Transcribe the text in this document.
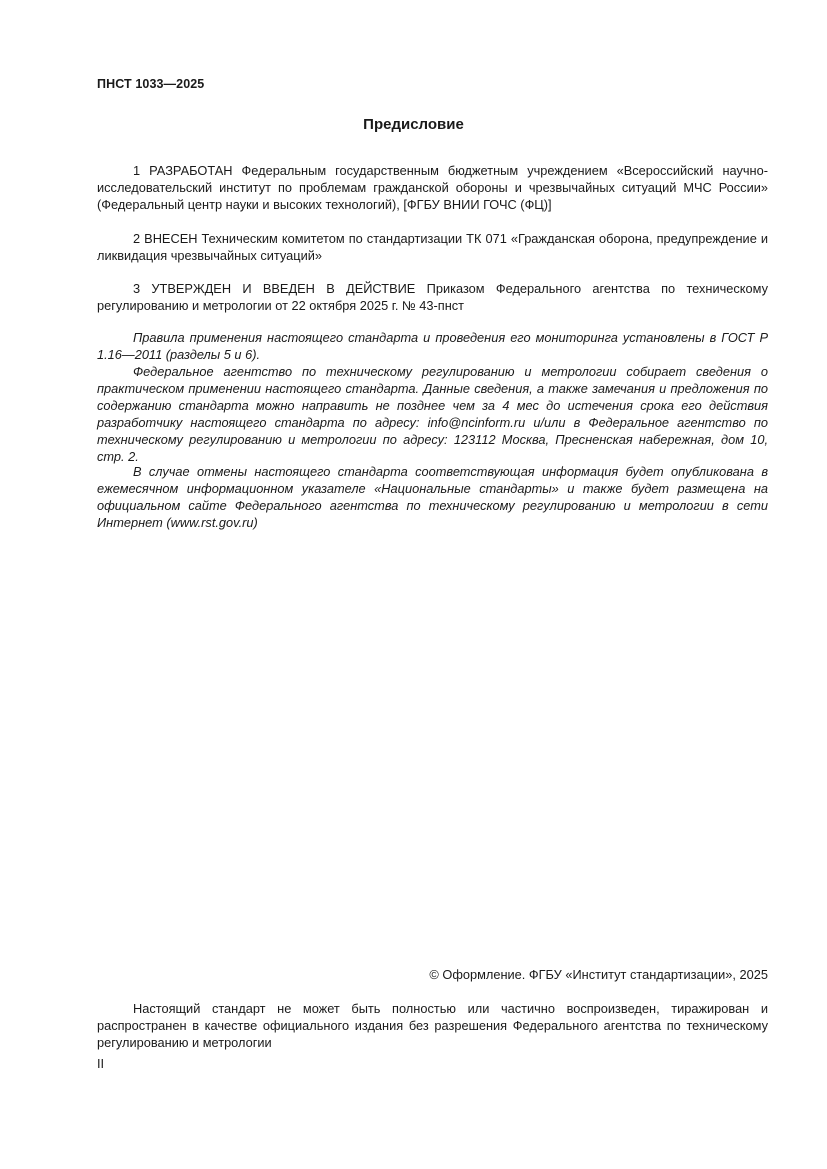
ПНСТ 1033—2025
Предисловие

1 РАЗРАБОТАН Федеральным государственным бюджетным учреждением «Всероссийский научно-исследовательский институт по проблемам гражданской обороны и чрезвычайных ситуаций МЧС России» (Федеральный центр науки и высоких технологий), [ФГБУ ВНИИ ГОЧС (ФЦ)]

2 ВНЕСЕН Техническим комитетом по стандартизации ТК 071 «Гражданская оборона, предупреждение и ликвидация чрезвычайных ситуаций»

3 УТВЕРЖДЕН И ВВЕДЕН В ДЕЙСТВИЕ Приказом Федерального агентства по техническому регулированию и метрологии от 22 октября 2025 г. № 43-пнст

Правила применения настоящего стандарта и проведения его мониторинга установлены в ГОСТ Р 1.16—2011 (разделы 5 и 6).

Федеральное агентство по техническому регулированию и метрологии собирает сведения о практическом применении настоящего стандарта. Данные сведения, а также замечания и предложения по содержанию стандарта можно направить не позднее чем за 4 мес до истечения срока его действия разработчику настоящего стандарта по адресу: info@ncinform.ru u/или в Федеральное агентство по техническому регулированию и метрологии по адресу: 123112 Москва, Пресненская набережная, дом 10, стр. 2.

В случае отмены настоящего стандарта соответствующая информация будет опубликована в ежемесячном информационном указателе «Национальные стандарты» и также будет размещена на официальном сайте Федерального агентства по техническому регулированию и метрологии в сети Интернет (www.rst.gov.ru)

© Оформление. ФГБУ «Институт стандартизации», 2025

Настоящий стандарт не может быть полностью или частично воспроизведен, тиражирован и распространен в качестве официального издания без разрешения Федерального агентства по техническому регулированию и метрологии

II
